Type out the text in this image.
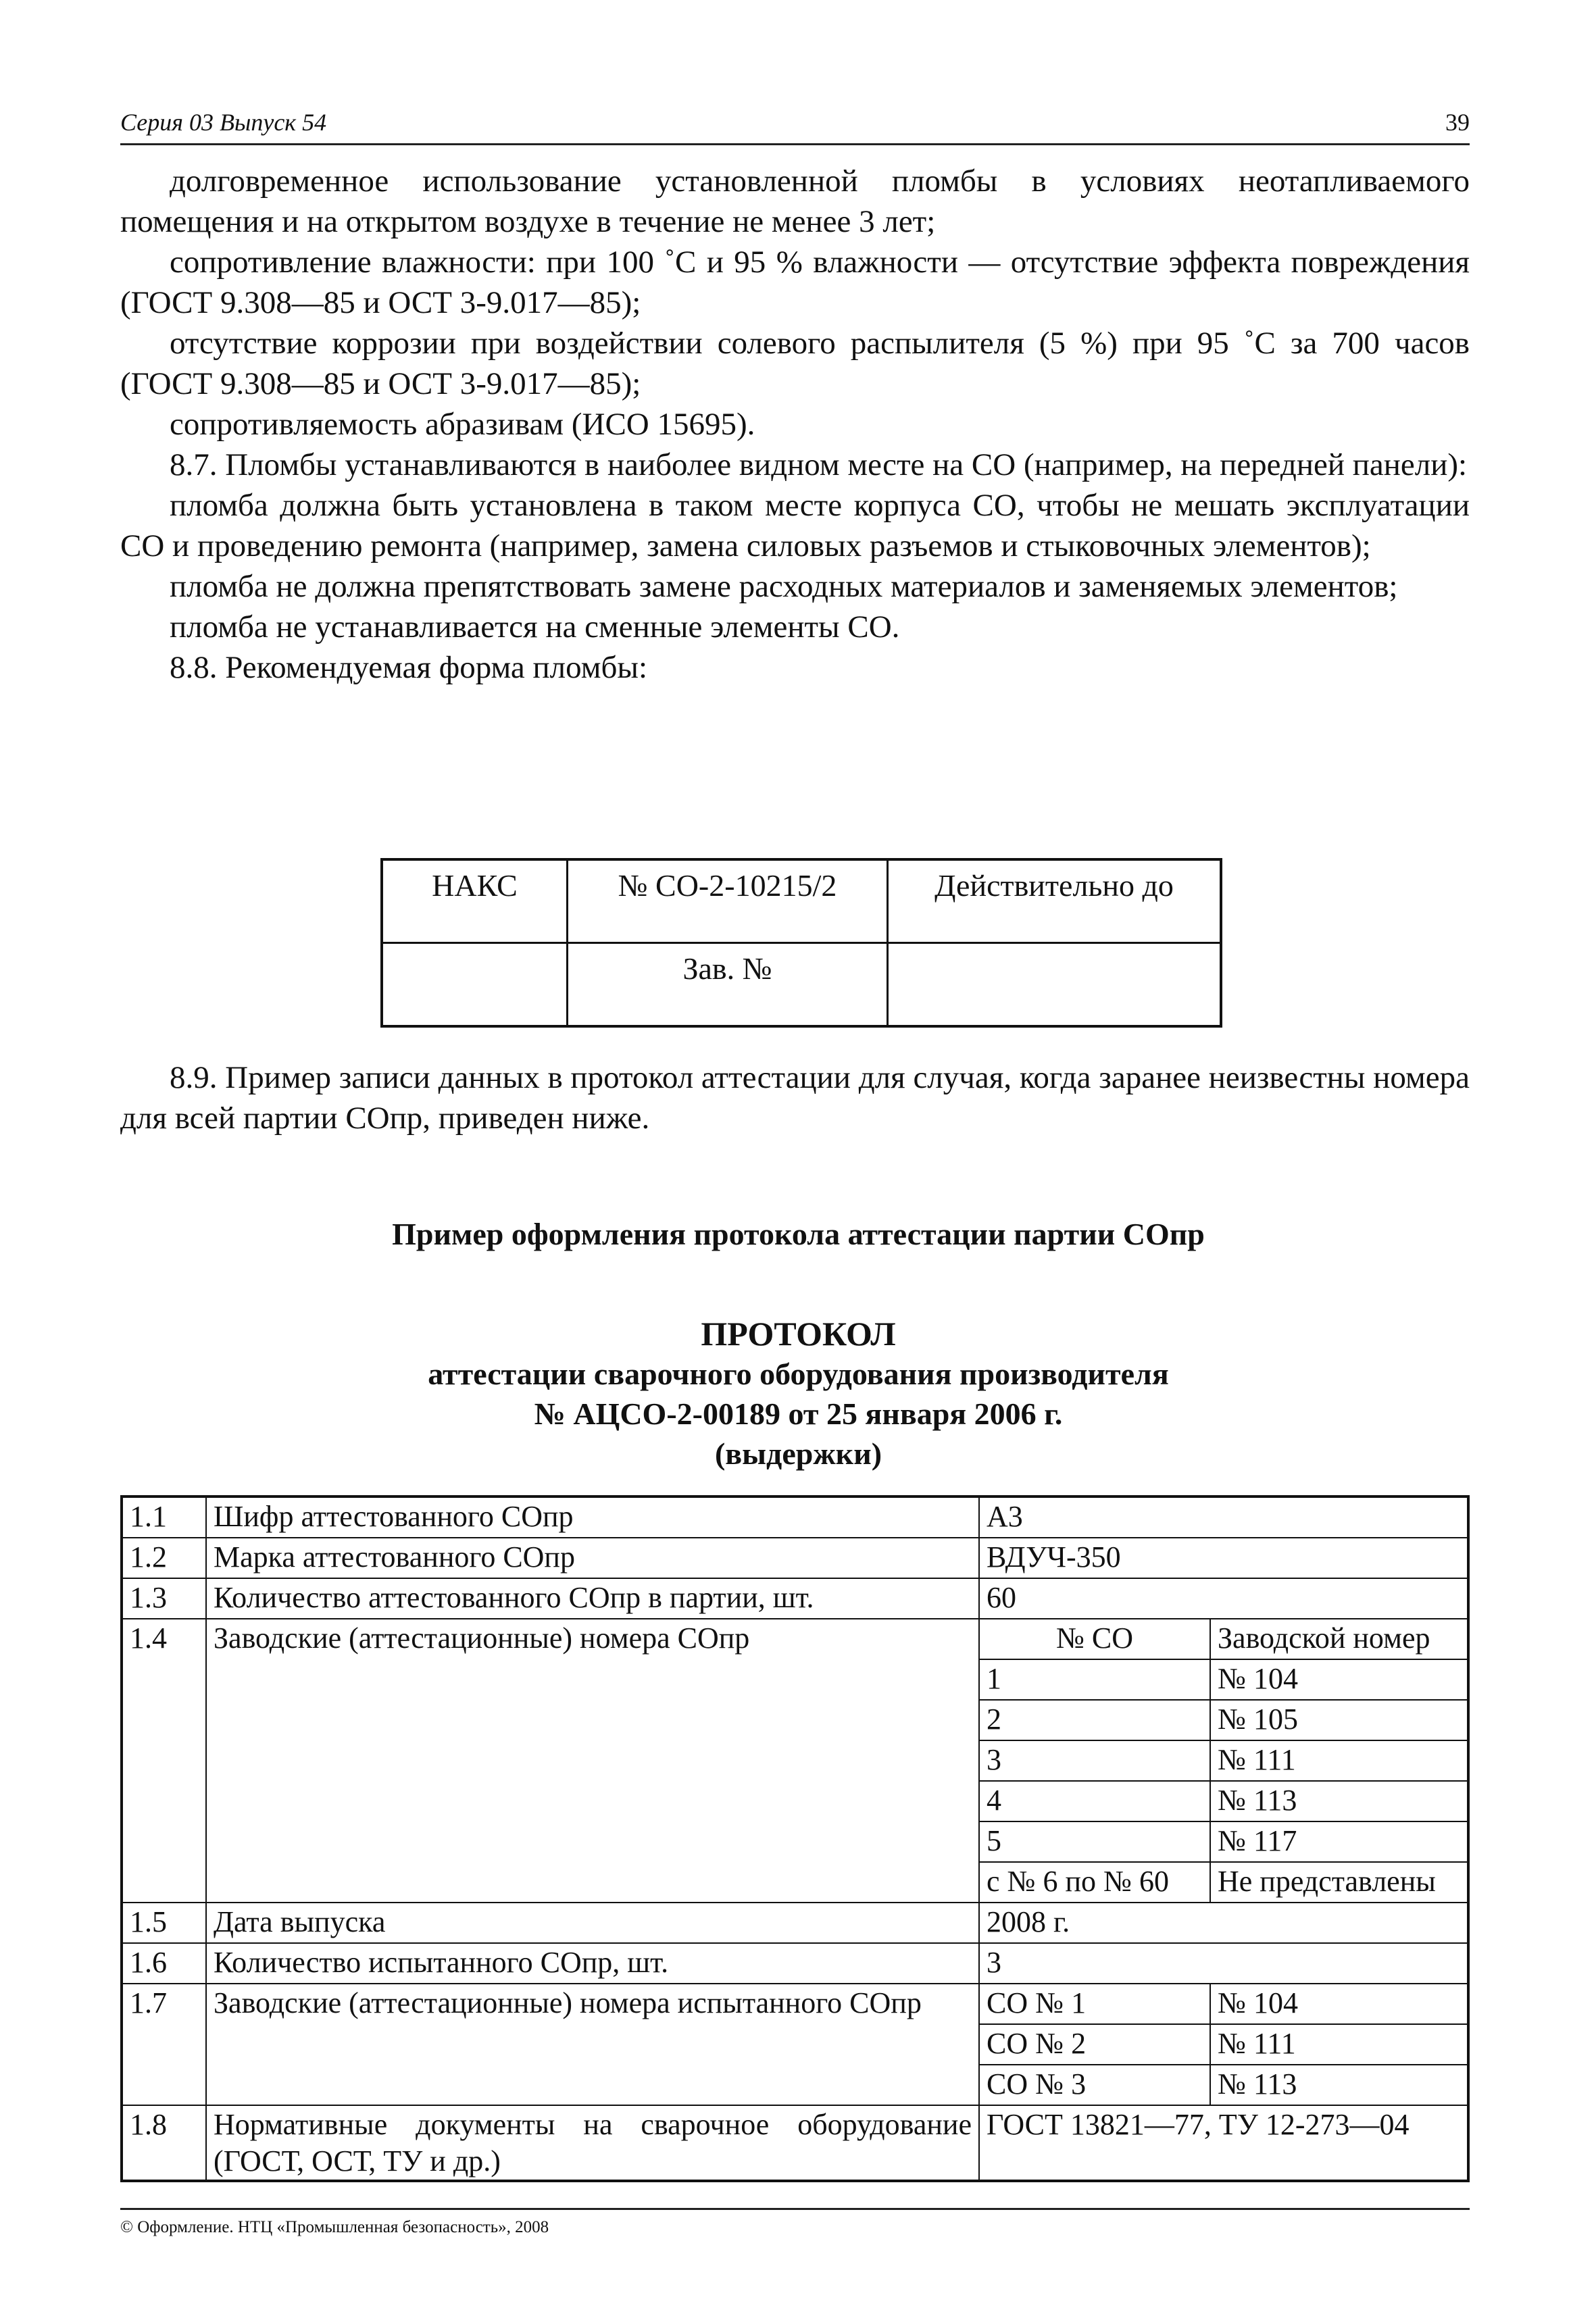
Серия 03 Выпуск 54	39

долговременное использование установленной пломбы в условиях неотапливаемого помещения и на открытом воздухе в течение не менее 3 лет;

сопротивление влажности: при 100 ˚С и 95 % влажности — отсутствие эффекта повреждения (ГОСТ 9.308—85 и ОСТ 3-9.017—85);

отсутствие коррозии при воздействии солевого распылителя (5 %) при 95 ˚С за 700 часов (ГОСТ 9.308—85 и ОСТ 3-9.017—85);

сопротивляемость абразивам (ИСО 15695).

8.7. Пломбы устанавливаются в наиболее видном месте на СО (например, на передней панели):

пломба должна быть установлена в таком месте корпуса СО, чтобы не мешать эксплуатации СО и проведению ремонта (например, замена силовых разъемов и стыковочных элементов);

пломба не должна препятствовать замене расходных материалов и заменяемых элементов;

пломба не устанавливается на сменные элементы СО.

8.8. Рекомендуемая форма пломбы:

НАКС	№ СО-2-10215/2	Действительно до
	Зав. №	

8.9. Пример записи данных в протокол аттестации для случая, когда заранее неизвестны номера для всей партии СОпр, приведен ниже.

Пример оформления протокола аттестации партии СОпр
ПРОТОКОЛ
аттестации сварочного оборудования производителя
№ АЦСО-2-00189 от 25 января 2006 г.
(выдержки)
1.1	Шифр аттестованного СОпр	А3	
1.2	Марка аттестованного СОпр	ВДУЧ-350	
1.3	Количество аттестованного СОпр в партии, шт.	60	
1.4	Заводские (аттестационные) номера СОпр	№ СО	Заводской номер
		1	№ 104
		2	№ 105
		3	№ 111
		4	№ 113
		5	№ 117
		с № 6 по № 60	Не представлены
1.5	Дата выпуска	2008 г.	
1.6	Количество испытанного СОпр, шт.	3	
1.7	Заводские (аттестационные) номера испытанного СОпр	СО № 1	№ 104
		СО № 2	№ 111
		СО № 3	№ 113
1.8	Нормативные документы на сварочное оборудование (ГОСТ, ОСТ, ТУ и др.)	ГОСТ 13821—77, ТУ 12-273—04	
© Оформление. НТЦ «Промышленная безопасность», 2008
